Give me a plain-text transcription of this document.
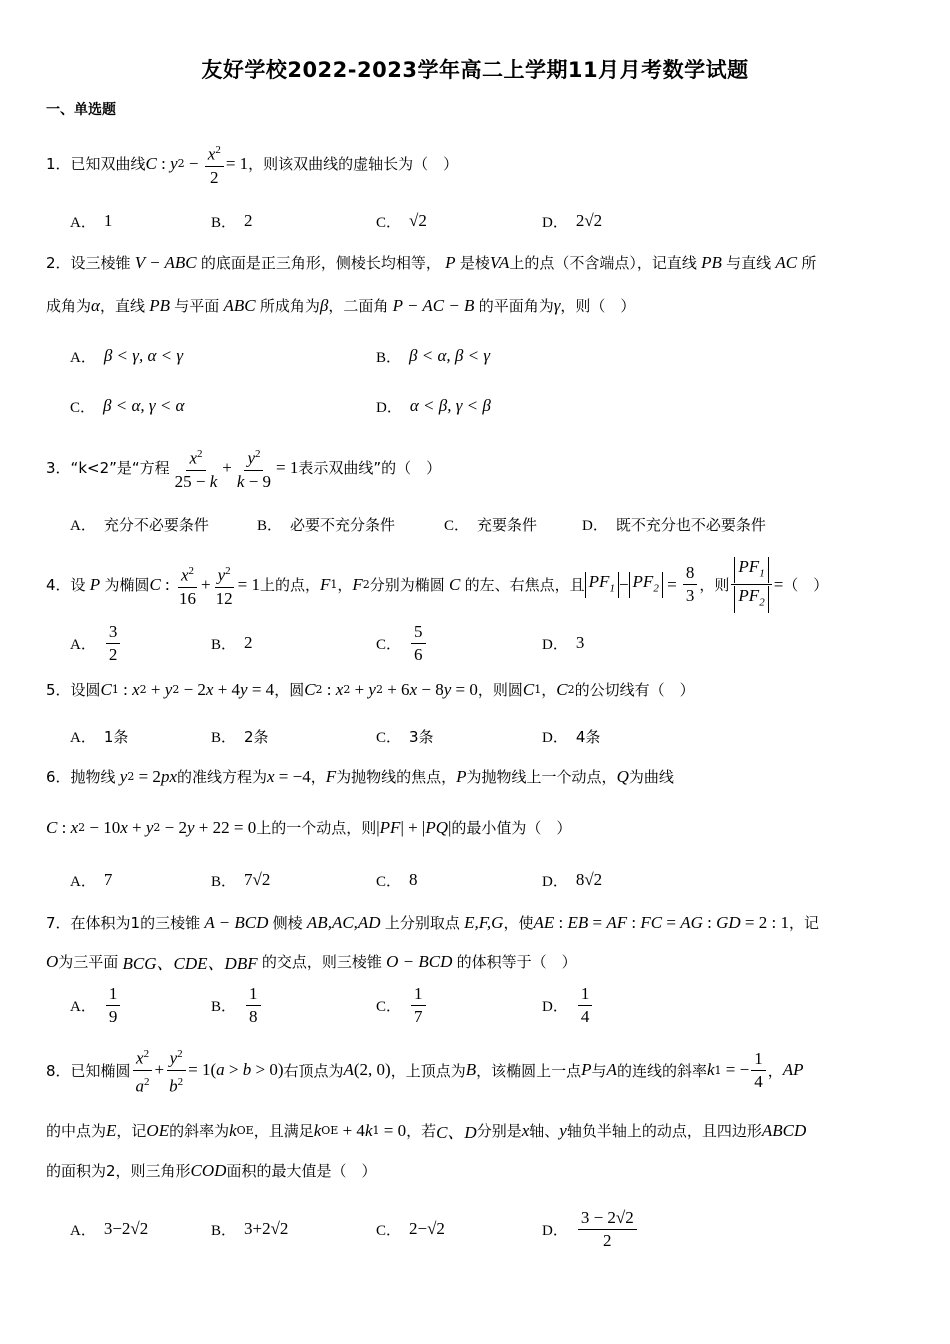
友好学校2022-2023学年高二上学期11月月考数学试题
一、单选题
1．已知双曲线 C : y $2 - \frac{x^2}{2} = 1$ ，则该双曲线的虚轴长为（　）
A． 1	B． 2	C． √2	D． 2√2
2．设三棱锥 V − ABC 的底面是正三角形，侧棱长均相等， P 是棱 VA 上的点（不含端点），记直线 PB 与直线 AC 所
成角为 α ，直线 PB 与平面 ABC 所成角为 β ，二面角 P − AC − B 的平面角为 γ ，则（　）
A． β < γ, α < γ	B． β < α, β < γ
C． β < α, γ < α	D． α < β, γ < β
3．“k<2”是“方程 $\frac{x^2}{25 - k} + \frac{y^2}{k - 9} = 1$ 表示双曲线”的（　）
A． 充分不必要条件	B． 必要不充分条件	C． 充要条件	D． 既不充分也不必要条件
4．设 P 为椭圆 C : $\frac{x^2}{16} + \frac{y^2}{12} = 1$ 上的点， F 1 ， F 2 分别为椭圆 C 的左、右焦点，且 $PF_1 - PF_2 = \frac{8}{3}$ ，则 $\frac{PF_1}{PF_2}$ = （　）
A． $\frac{3}{2}$	B． 2	C． $\frac{5}{6}$	D． 3
5．设圆 C 1 : x 2 + y 2 − 2 x + 4 y = 4 ，圆 C 2 : x 2 + y 2 + 6 x − 8 y = 0 ，则圆 C 1 ， C 2 的公切线有（　）
A． 1条	B． 2条	C． 3条	D． 4条
6．抛物线 y 2 = 2 px 的准线方程为 x = −4 ， F 为抛物线的焦点， P 为抛物线上一个动点， Q 为曲线
C : x 2 − 10 x + y 2 − 2 y + 22 = 0 上的一个动点，则 | PF | + | PQ | 的最小值为（　）
A． 7	B． 7√2	C． 8	D． 8√2
7．在体积为1的三棱锥 A − BCD 侧棱 AB,AC,AD 上分别取点 E,F,G ，使 AE : EB = AF : FC = AG : GD = 2 : 1 ，记
O 为三平面 BCG、CDE、DBF 的交点，则三棱锥 O − BCD 的体积等于（　）
A． $\frac{1}{9}$	B． $\frac{1}{8}$	C． $\frac{1}{7}$	D． $\frac{1}{4}$
8．已知椭圆 $\frac{x^2}{a^2} + \frac{y^2}{b^2} = 1$( a > b > 0) 右顶点为 A (2, 0) ，上顶点为 B ，该椭圆上一点 P 与 A 的连线的斜率 k 1 = − $\frac{1}{4}$ ， AP
的中点为 E ，记 OE 的斜率为 k OE ，且满足 k OE + 4 k 1 = 0 ，若 C、D 分别是 x 轴、 y 轴负半轴上的动点，且四边形 ABCD
的面积为2，则三角形 COD 面积的最大值是（　）
A． 3−2√2	B． 3+2√2	C． 2−√2	D． $\frac{3 - 2√2}{2}$
